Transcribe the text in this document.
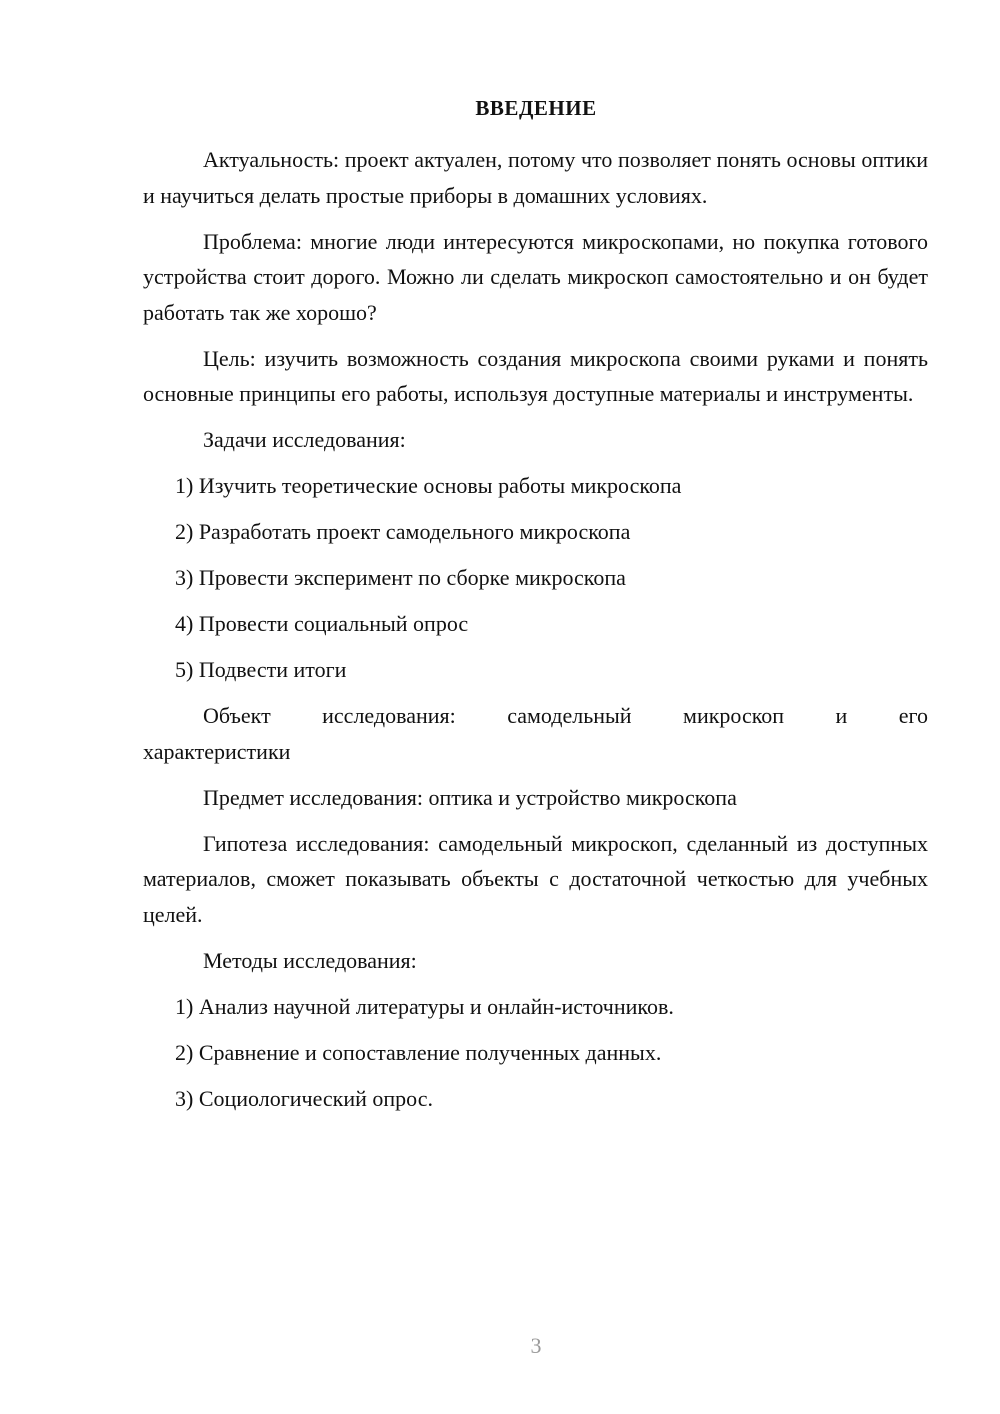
ВВЕДЕНИЕ

Актуальность: проект актуален, потому что позволяет понять основы оптики и научиться делать простые приборы в домашних условиях.

Проблема: многие люди интересуются микроскопами, но покупка готового устройства стоит дорого. Можно ли сделать микроскоп самостоятельно и он будет работать так же хорошо?

Цель: изучить возможность создания микроскопа своими руками и понять основные принципы его работы, используя доступные материалы и инструменты.

Задачи исследования:

1) Изучить теоретические основы работы микроскопа

2) Разработать проект самодельного микроскопа

3) Провести эксперимент по сборке микроскопа

4) Провести социальный опрос

5) Подвести итоги

Объект исследования: самодельный микроскоп и его

характеристики

Предмет исследования: оптика и устройство микроскопа

Гипотеза исследования: самодельный микроскоп, сделанный из доступных материалов, сможет показывать объекты с достаточной четкостью для учебных целей.

Методы исследования:

1) Анализ научной литературы и онлайн-источников.

2) Сравнение и сопоставление полученных данных.

3) Социологический опрос.

3
